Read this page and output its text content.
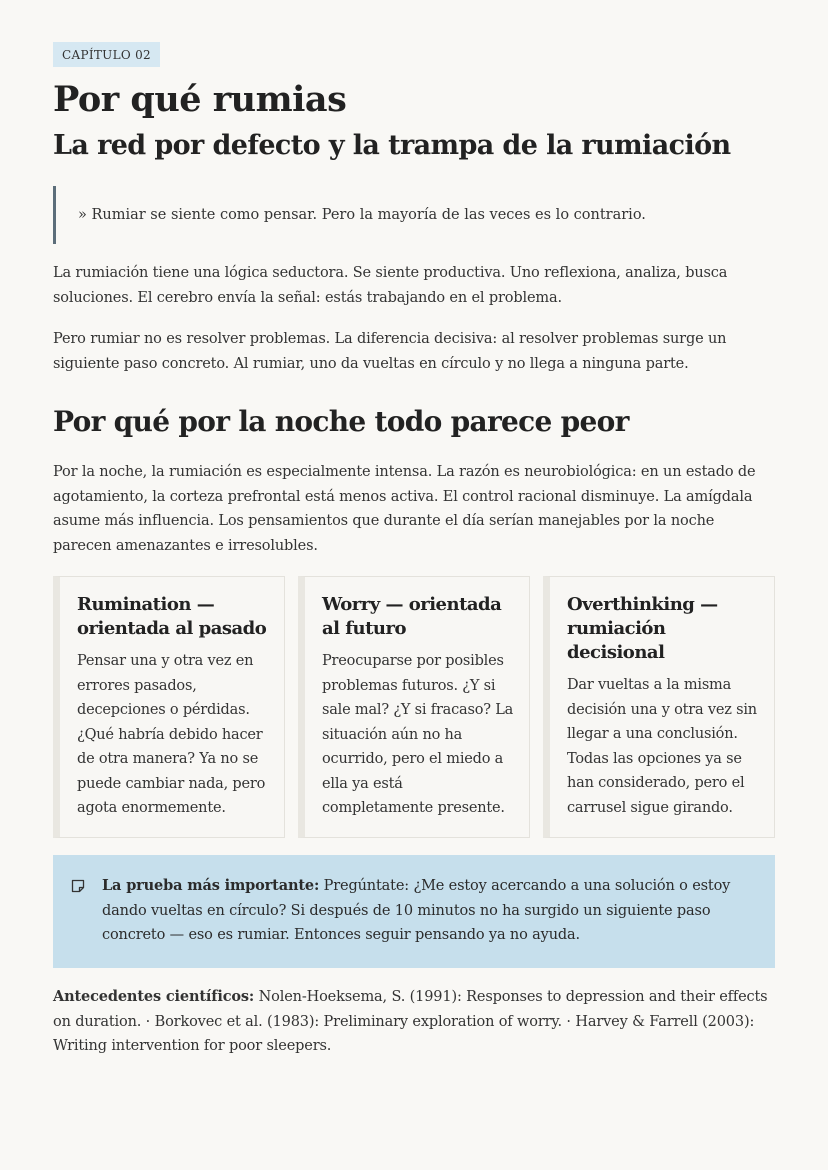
CAPÍTULO 02
Por qué rumias
La red por defecto y la trampa de la rumiación
» Rumiar se siente como pensar. Pero la mayoría de las veces es lo contrario.

La rumiación tiene una lógica seductora. Se siente productiva. Uno reflexiona, analiza, busca soluciones. El cerebro envía la señal: estás trabajando en el problema.

Pero rumiar no es resolver problemas. La diferencia decisiva: al resolver problemas surge un siguiente paso concreto. Al rumiar, uno da vueltas en círculo y no llega a ninguna parte.

Por qué por la noche todo parece peor

Por la noche, la rumiación es especialmente intensa. La razón es neurobiológica: en un estado de agotamiento, la corteza prefrontal está menos activa. El control racional disminuye. La amígdala asume más influencia. Los pensamientos que durante el día serían manejables por la noche parecen amenazantes e irresolubles.

Rumination — orientada al pasado
Pensar una y otra vez en errores pasados, decepciones o pérdidas. ¿Qué habría debido hacer de otra manera? Ya no se puede cambiar nada, pero agota enormemente.
Worry — orientada al futuro
Preocuparse por posibles problemas futuros. ¿Y si sale mal? ¿Y si fracaso? La situación aún no ha ocurrido, pero el miedo a ella ya está completamente presente.
Overthinking — rumiación decisional
Dar vueltas a la misma decisión una y otra vez sin llegar a una conclusión. Todas las opciones ya se han considerado, pero el carrusel sigue girando.
La prueba más importante: Pregúntate: ¿Me estoy acercando a una solución o estoy dando vueltas en círculo? Si después de 10 minutos no ha surgido un siguiente paso concreto — eso es rumiar. Entonces seguir pensando ya no ayuda.

Antecedentes científicos: Nolen-Hoeksema, S. (1991): Responses to depression and their effects on duration. · Borkovec et al. (1983): Preliminary exploration of worry. · Harvey & Farrell (2003): Writing intervention for poor sleepers.
